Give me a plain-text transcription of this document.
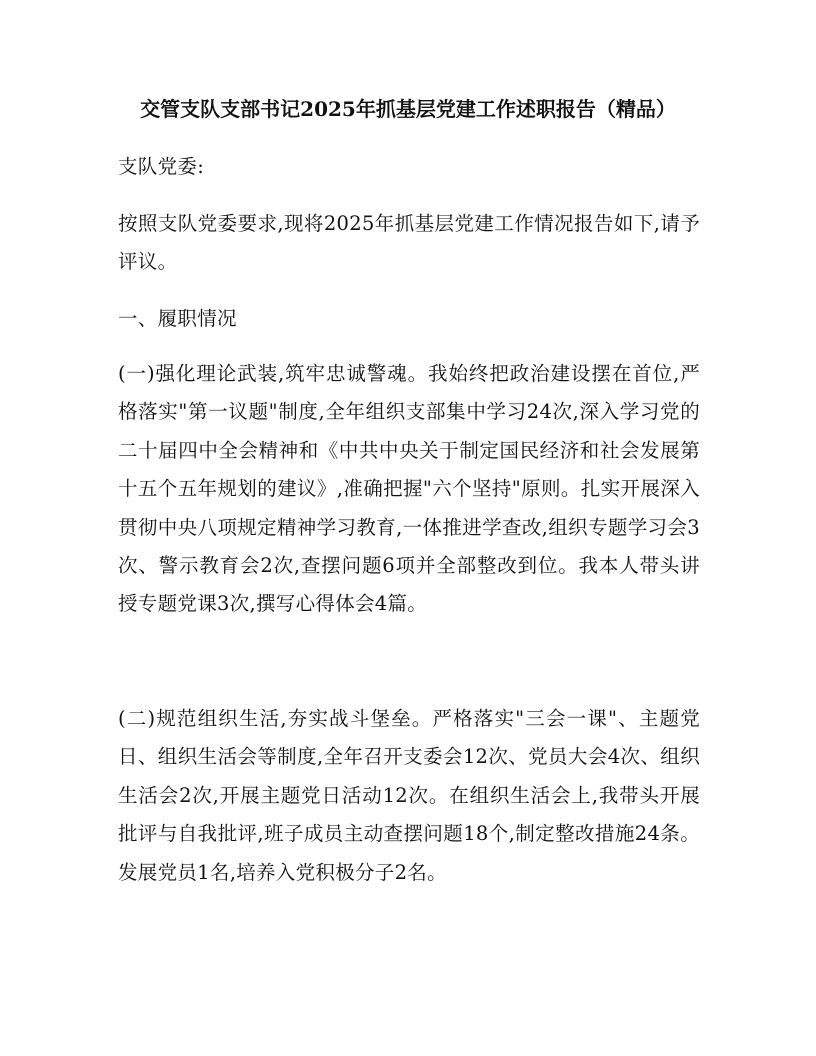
交管支队支部书记2025年抓基层党建工作述职报告（精品）

支队党委:

按照支队党委要求,现将2025年抓基层党建工作情况报告如下,请予评议。

一、履职情况

(一)强化理论武装,筑牢忠诚警魂。我始终把政治建设摆在首位,严格落实"第一议题"制度,全年组织支部集中学习24次,深入学习党的二十届四中全会精神和《中共中央关于制定国民经济和社会发展第十五个五年规划的建议》,准确把握"六个坚持"原则。扎实开展深入贯彻中央八项规定精神学习教育,一体推进学查改,组织专题学习会3次、警示教育会2次,查摆问题6项并全部整改到位。我本人带头讲授专题党课3次,撰写心得体会4篇。

(二)规范组织生活,夯实战斗堡垒。严格落实"三会一课"、主题党日、组织生活会等制度,全年召开支委会12次、党员大会4次、组织生活会2次,开展主题党日活动12次。在组织生活会上,我带头开展批评与自我批评,班子成员主动查摆问题18个,制定整改措施24条。发展党员1名,培养入党积极分子2名。
